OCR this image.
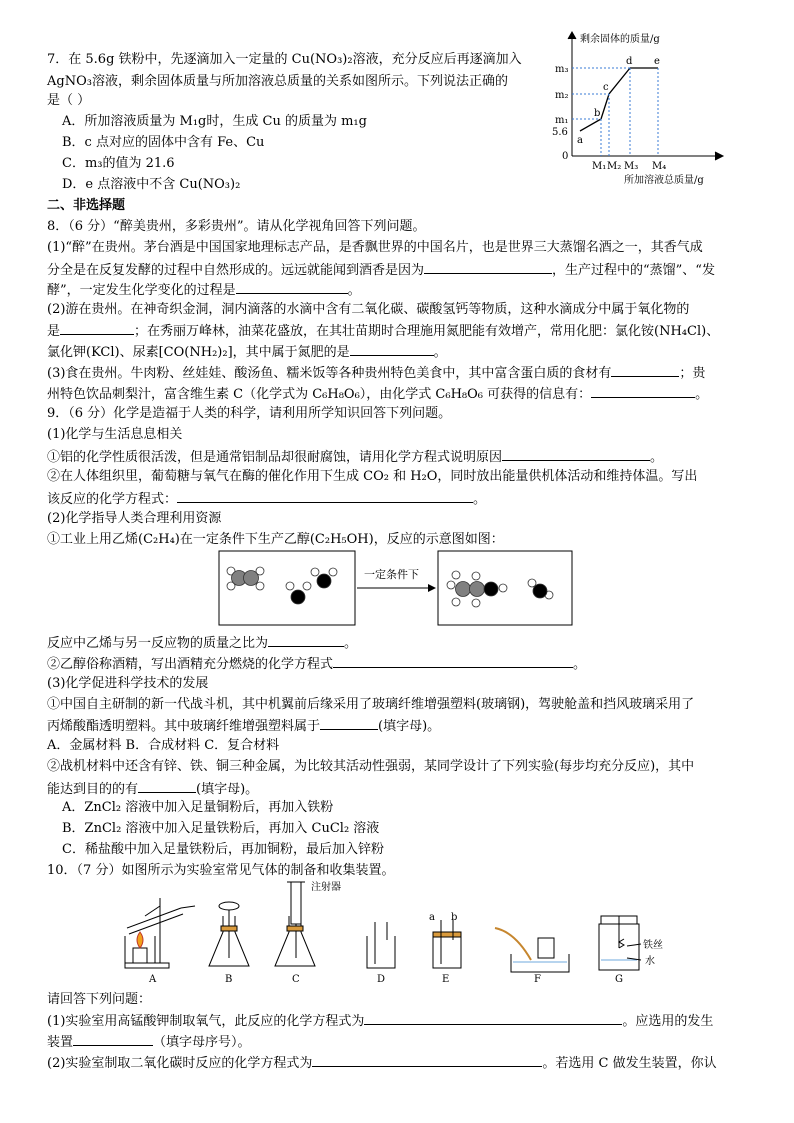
7．在 5.6g 铁粉中，先逐滴加入一定量的 Cu(NO₃)₂溶液，充分反应后再逐滴加入
AgNO₃溶液，剩余固体质量与所加溶液总质量的关系如图所示。下列说法正确的
是（ ）
A．所加溶液质量为 M₁g时，生成 Cu 的质量为 m₁g
B．c 点对应的固体中含有 Fe、Cu
C．m₃的值为 21.6
D．e 点溶液中不含 Cu(NO₃)₂
剩余固体的质量/g
m₃
m₂
m₁
5.6
0
a
b
c
d e
M₁ M₂ M₃ M₄
所加溶液总质量/g
二、非选择题
8．（6 分）“醉美贵州，多彩贵州”。请从化学视角回答下列问题。
(1)“醉”在贵州。茅台酒是中国国家地理标志产品，是香飘世界的中国名片，也是世界三大蒸馏名酒之一，其香气成
分全是在反复发酵的过程中自然形成的。远远就能闻到酒香是因为	，生产过程中的“蒸馏”、“发
酵”，一定发生化学变化的过程是	。
(2)游在贵州。在神奇织金洞，洞内滴落的水滴中含有二氧化碳、碳酸氢钙等物质，这种水滴成分中属于氧化物的
是	；在秀丽万峰林，油菜花盛放，在其壮苗期时合理施用氮肥能有效增产，常用化肥：氯化铵(NH₄Cl)、
氯化钾(KCl)、尿素[CO(NH₂)₂]，其中属于氮肥的是	。
(3)食在贵州。牛肉粉、丝娃娃、酸汤鱼、糯米饭等各种贵州特色美食中，其中富含蛋白质的食材有	；贵
州特色饮品刺梨汁，富含维生素 C（化学式为 C₆H₈O₆），由化学式 C₆H₈O₆ 可获得的信息有：	。
9．（6 分）化学是造福于人类的科学，请利用所学知识回答下列问题。
(1)化学与生活息息相关
①铝的化学性质很活泼，但是通常铝制品却很耐腐蚀，请用化学方程式说明原因	。
②在人体组织里，葡萄糖与氧气在酶的催化作用下生成 CO₂ 和 H₂O，同时放出能量供机体活动和维持体温。写出
该反应的化学方程式：	。
(2)化学指导人类合理利用资源
①工业上用乙烯(C₂H₄)在一定条件下生产乙醇(C₂H₅OH)，反应的示意图如图：
一定条件下
反应中乙烯与另一反应物的质量之比为	。
②乙醇俗称酒精，写出酒精充分燃烧的化学方程式	。
(3)化学促进科学技术的发展
①中国自主研制的新一代战斗机，其中机翼前后缘采用了玻璃纤维增强塑料(玻璃钢)，驾驶舱盖和挡风玻璃采用了
丙烯酸酯透明塑料。其中玻璃纤维增强塑料属于	(填字母)。
A．金属材料 B．合成材料 C．复合材料
②战机材料中还含有锌、铁、铜三种金属，为比较其活动性强弱，某同学设计了下列实验(每步均充分反应)，其中
能达到目的的有	(填字母)。
A．ZnCl₂ 溶液中加入足量铜粉后，再加入铁粉
B．ZnCl₂ 溶液中加入足量铁粉后，再加入 CuCl₂ 溶液
C．稀盐酸中加入足量铁粉后，再加铜粉，最后加入锌粉
10．（7 分）如图所示为实验室常见气体的制备和收集装置。
注射器
a b
铁丝
水
A	B	C	D	E	F	G
请回答下列问题：
(1)实验室用高锰酸钾制取氧气，此反应的化学方程式为	。应选用的发生
装置	（填字母序号）。
(2)实验室制取二氧化碳时反应的化学方程式为	。若选用 C 做发生装置，你认
